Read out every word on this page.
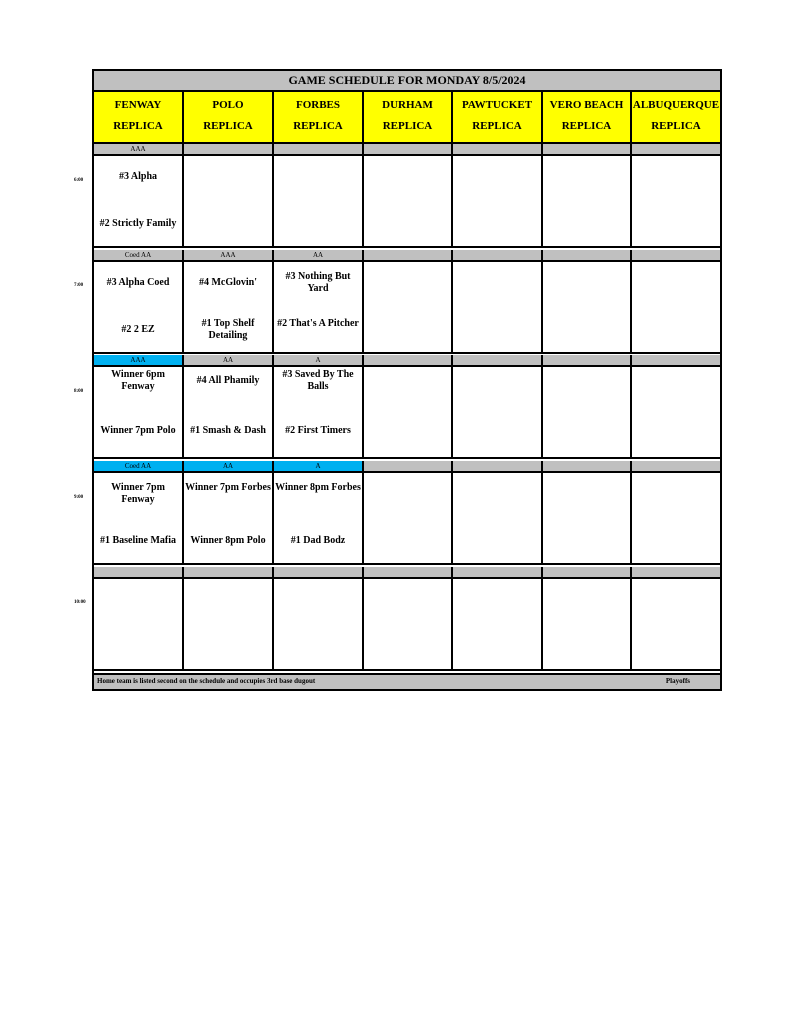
GAME SCHEDULE FOR MONDAY 8/5/2024
FENWAY
REPLICA
POLO
REPLICA
FORBES
REPLICA
DURHAM
REPLICA
PAWTUCKET
REPLICA
VERO BEACH
REPLICA
ALBUQUERQUE
REPLICA
AAA
#3 Alpha
#2 Strictly Family
Coed AA
#3 Alpha Coed
#2 2 EZ
AAA
#4 McGlovin'
#1 Top Shelf Detailing
AA
#3 Nothing But Yard
#2 That's A Pitcher
AAA
Winner 6pm Fenway
Winner 7pm Polo
AA
#4 All Phamily
#1 Smash & Dash
A
#3 Saved By The Balls
#2 First Timers
Coed AA
Winner 7pm Fenway
#1 Baseline Mafia
AA
Winner 7pm Forbes
Winner 8pm Polo
A
Winner 8pm Forbes
#1 Dad Bodz
Home team is listed second on the schedule and occupies 3rd base dugout	Playoffs
6:00
7:00
8:00
9:00
10:00
